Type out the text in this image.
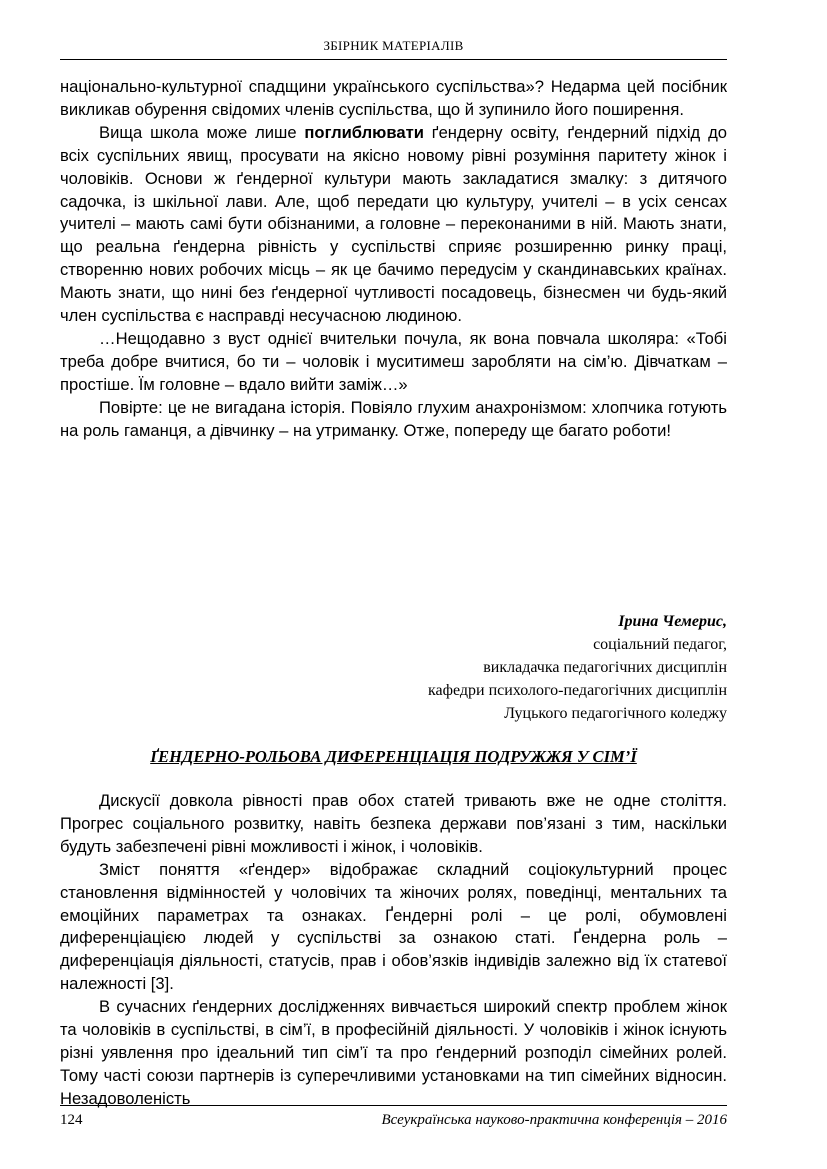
ЗБІРНИК МАТЕРІАЛІВ

національно-культурної спадщини українського суспільства»? Недарма цей посібник викликав обурення свідомих членів суспільства, що й зупинило його поширення.

Вища школа може лише поглиблювати ґендерну освіту, ґендерний підхід до всіх суспільних явищ, просувати на якісно новому рівні розуміння паритету жінок і чоловіків. Основи ж ґендерної культури мають закладатися змалку: з дитячого садочка, із шкільної лави. Але, щоб передати цю культуру, учителі – в усіх сенсах учителі – мають самі бути обізнаними, а головне – переконаними в ній. Мають знати, що реальна ґендерна рівність у суспільстві сприяє розширенню ринку праці, створенню нових робочих місць – як це бачимо передусім у скандинавських країнах. Мають знати, що нині без ґендерної чутливості посадовець, бізнесмен чи будь-який член суспільства є насправді несучасною людиною.

…Нещодавно з вуст однієї вчительки почула, як вона повчала школяра: «Тобі треба добре вчитися, бо ти – чоловік і муситимеш заробляти на сім’ю. Дівчаткам – простіше. Їм головне – вдало вийти заміж…»

Повірте: це не вигадана історія. Повіяло глухим анахронізмом: хлопчика готують на роль гаманця, а дівчинку – на утриманку. Отже, попереду ще багато роботи!

Ірина Чемерис,
соціальний педагог,
викладачка педагогічних дисциплін
кафедри психолого-педагогічних дисциплін
Луцького педагогічного коледжу
ҐЕНДЕРНО-РОЛЬОВА ДИФЕРЕНЦІАЦІЯ ПОДРУЖЖЯ У СІМ’Ї

Дискусії довкола рівності прав обох статей тривають вже не одне століття. Прогрес соціального розвитку, навіть безпека держави пов’язані з тим, наскільки будуть забезпечені рівні можливості і жінок, і чоловіків.

Зміст поняття «ґендер» відображає складний соціокультурний процес становлення відмінностей у чоловічих та жіночих ролях, поведінці, ментальних та емоційних параметрах та ознаках. Ґендерні ролі – це ролі, обумовлені диференціацією людей у суспільстві за ознакою статі. Ґендерна роль – диференціація діяльності, статусів, прав і обов’язків індивідів залежно від їх статевої належності [3].

В сучасних ґендерних дослідженнях вивчається широкий спектр проблем жінок та чоловіків в суспільстві, в сім’ї, в професійній діяльності. У чоловіків і жінок існують різні уявлення про ідеальний тип сім’ї та про ґендерний розподіл сімейних ролей. Тому часті союзи партнерів із суперечливими установками на тип сімейних відносин. Незадоволеність

124	Всеукраїнська науково-практична конференція – 2016
